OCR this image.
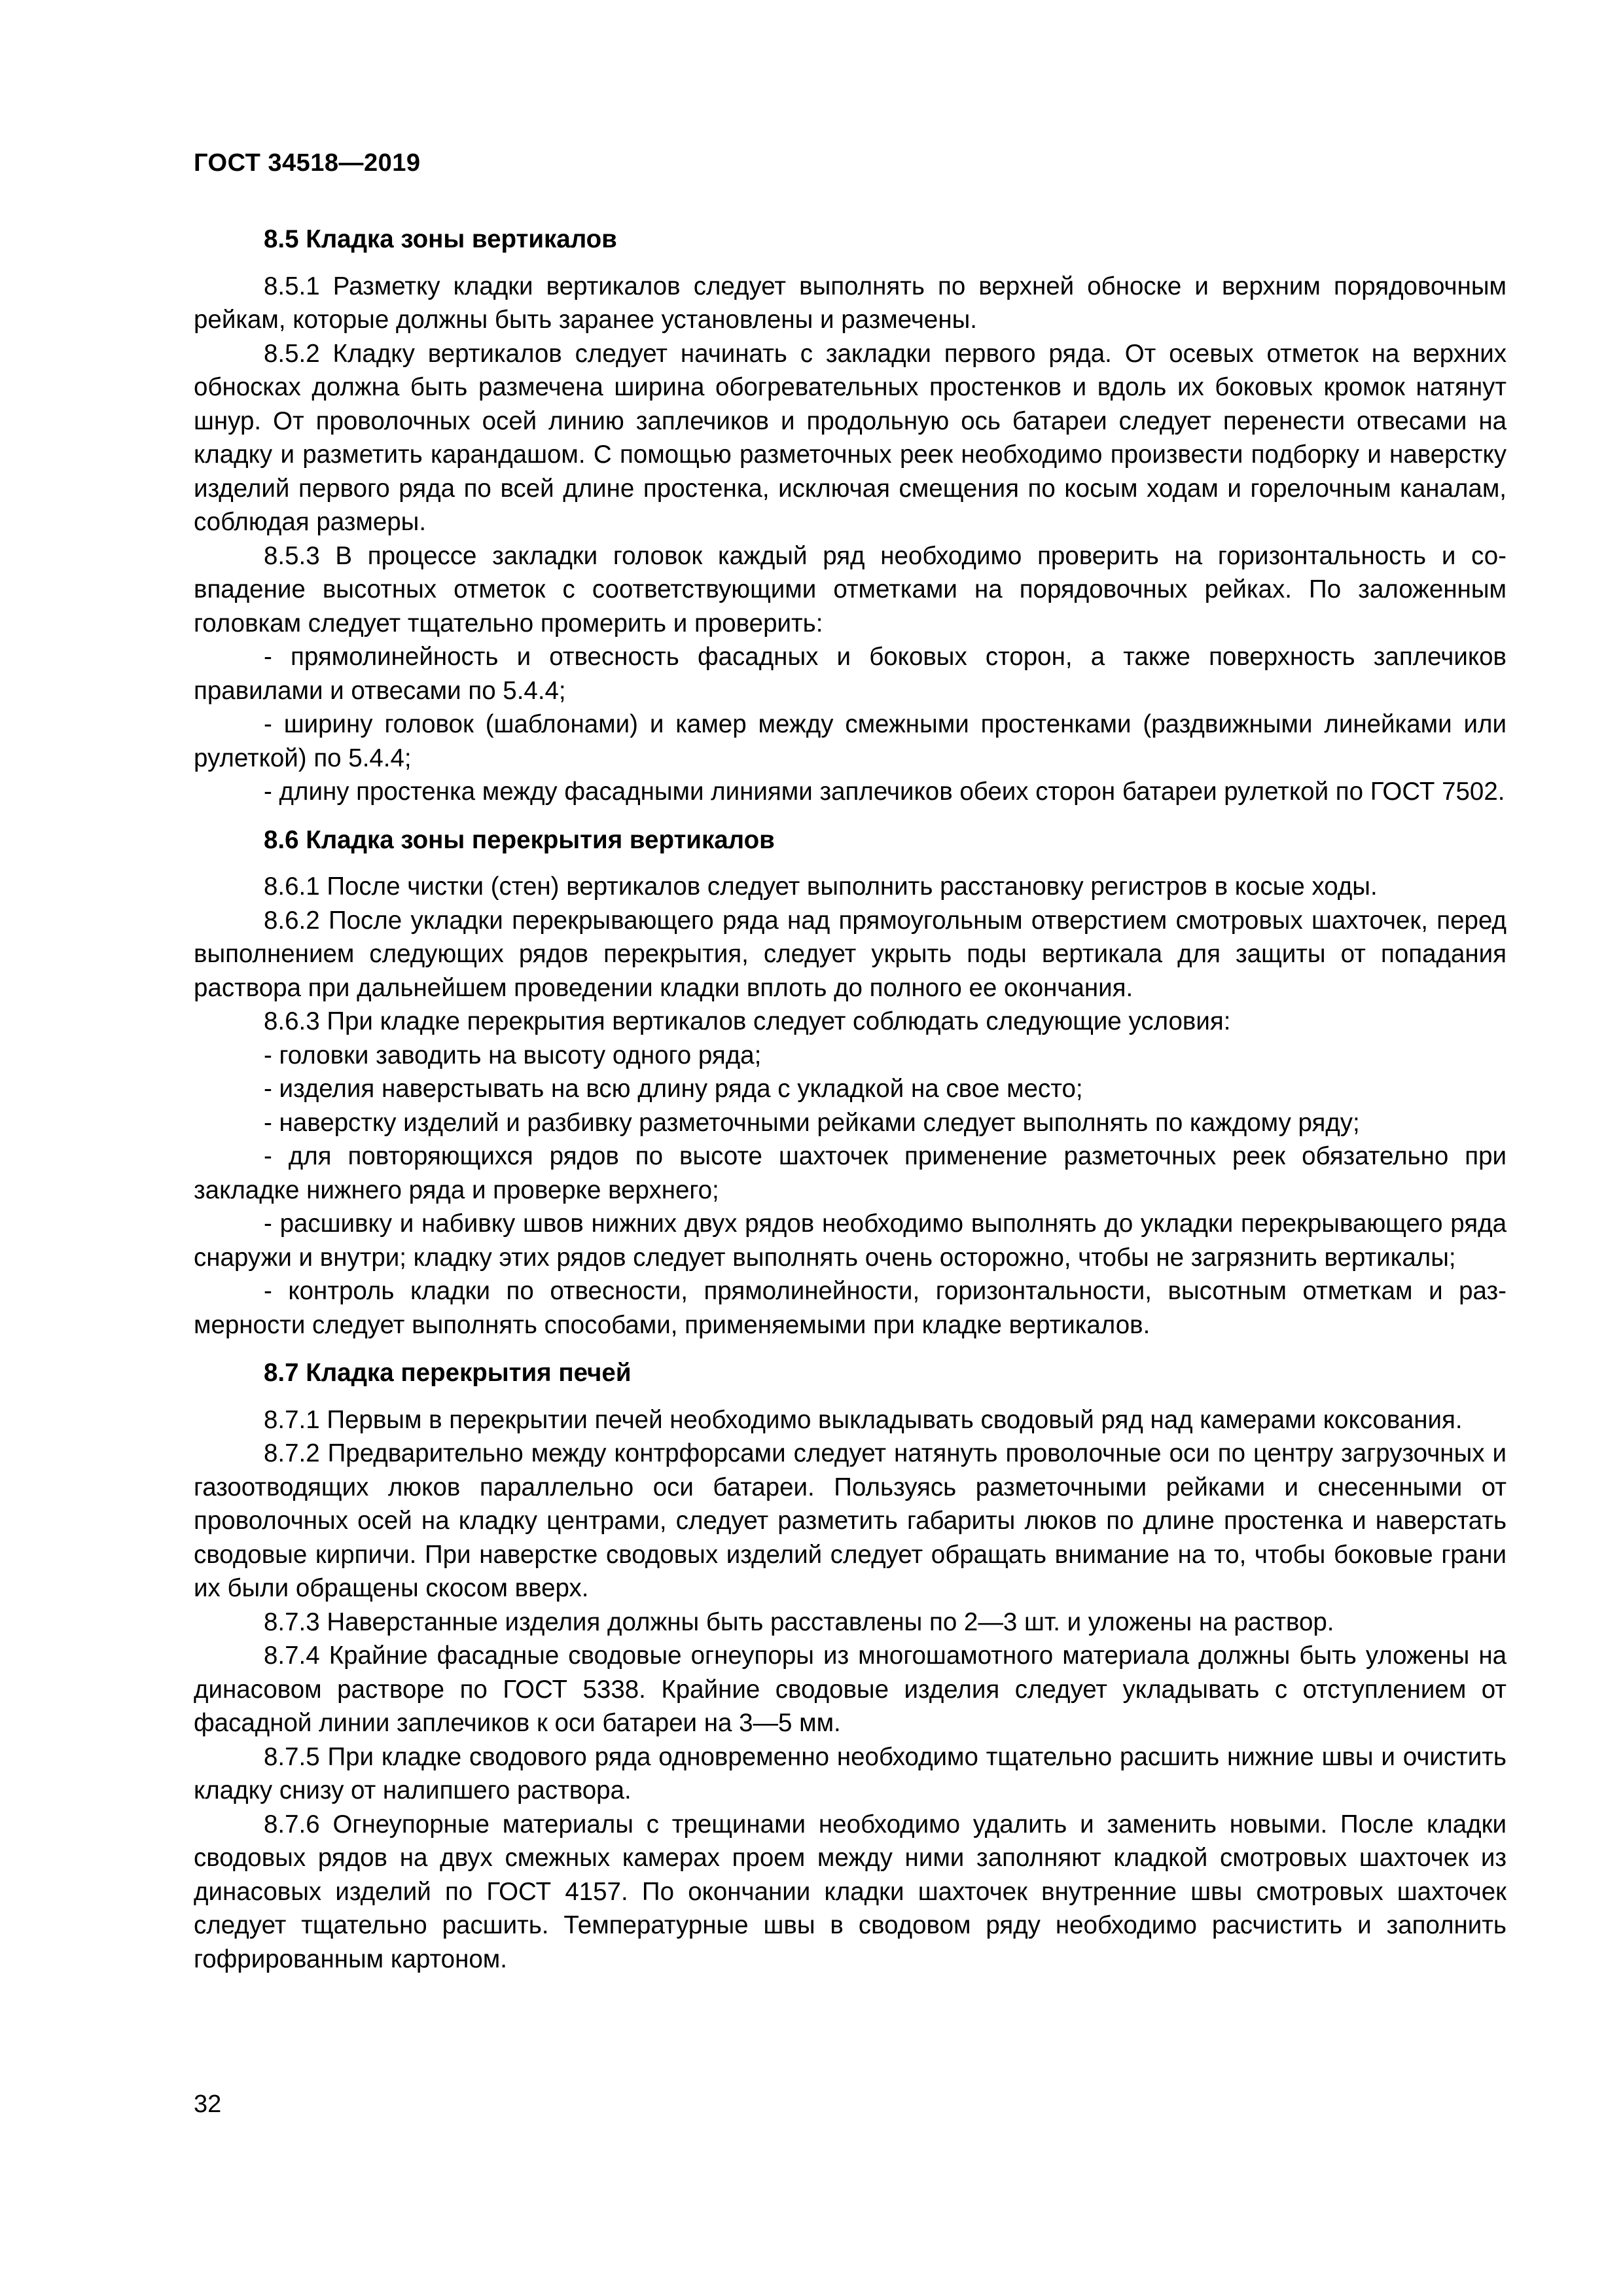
ГОСТ 34518—2019
8.5 Кладка зоны вертикалов

8.5.1 Разметку кладки вертикалов следует выполнять по верхней обноске и верхним порядовочным рейкам, которые должны быть заранее установлены и размечены.

8.5.2 Кладку вертикалов следует начинать с закладки первого ряда. От осевых отметок на верхних обносках должна быть размечена ширина обогревательных простенков и вдоль их боковых кромок натянут шнур. От проволочных осей линию заплечиков и продольную ось батареи следует перенести отвесами на кладку и разметить карандашом. С помощью разметочных реек необходимо произвести подборку и наверстку изделий первого ряда по всей длине простенка, исключая смещения по косым ходам и горелочным каналам, соблюдая размеры.

8.5.3 В процессе закладки головок каждый ряд необходимо проверить на горизонтальность и совпадение высотных отметок с соответствующими отметками на порядовочных рейках. По заложенным головкам следует тщательно промерить и проверить:

- прямолинейность и отвесность фасадных и боковых сторон, а также поверхность заплечиков правилами и отвесами по 5.4.4;

- ширину головок (шаблонами) и камер между смежными простенками (раздвижными линейками или рулеткой) по 5.4.4;

- длину простенка между фасадными линиями заплечиков обеих сторон батареи рулеткой по ГОСТ 7502.

8.6 Кладка зоны перекрытия вертикалов

8.6.1 После чистки (стен) вертикалов следует выполнить расстановку регистров в косые ходы.

8.6.2 После укладки перекрывающего ряда над прямоугольным отверстием смотровых шахточек, перед выполнением следующих рядов перекрытия, следует укрыть поды вертикала для защиты от попадания раствора при дальнейшем проведении кладки вплоть до полного ее окончания.

8.6.3 При кладке перекрытия вертикалов следует соблюдать следующие условия:

- головки заводить на высоту одного ряда;

- изделия наверстывать на всю длину ряда с укладкой на свое место;

- наверстку изделий и разбивку разметочными рейками следует выполнять по каждому ряду;

- для повторяющихся рядов по высоте шахточек применение разметочных реек обязательно при закладке нижнего ряда и проверке верхнего;

- расшивку и набивку швов нижних двух рядов необходимо выполнять до укладки перекрывающего ряда снаружи и внутри; кладку этих рядов следует выполнять очень осторожно, чтобы не загрязнить вертикалы;

- контроль кладки по отвесности, прямолинейности, горизонтальности, высотным отметкам и размерности следует выполнять способами, применяемыми при кладке вертикалов.

8.7 Кладка перекрытия печей

8.7.1 Первым в перекрытии печей необходимо выкладывать сводовый ряд над камерами коксования.

8.7.2 Предварительно между контрфорсами следует натянуть проволочные оси по центру загрузочных и газоотводящих люков параллельно оси батареи. Пользуясь разметочными рейками и снесенными от проволочных осей на кладку центрами, следует разметить габариты люков по длине простенка и наверстать сводовые кирпичи. При наверстке сводовых изделий следует обращать внимание на то, чтобы боковые грани их были обращены скосом вверх.

8.7.3 Наверстанные изделия должны быть расставлены по 2—3 шт. и уложены на раствор.

8.7.4 Крайние фасадные сводовые огнеупоры из многошамотного материала должны быть уложены на динасовом растворе по ГОСТ 5338. Крайние сводовые изделия следует укладывать с отступлением от фасадной линии заплечиков к оси батареи на 3—5 мм.

8.7.5 При кладке сводового ряда одновременно необходимо тщательно расшить нижние швы и очистить кладку снизу от налипшего раствора.

8.7.6 Огнеупорные материалы с трещинами необходимо удалить и заменить новыми. После кладки сводовых рядов на двух смежных камерах проем между ними заполняют кладкой смотровых шахточек из динасовых изделий по ГОСТ 4157. По окончании кладки шахточек внутренние швы смотровых шахточек следует тщательно расшить. Температурные швы в сводовом ряду необходимо расчистить и заполнить гофрированным картоном.

32
